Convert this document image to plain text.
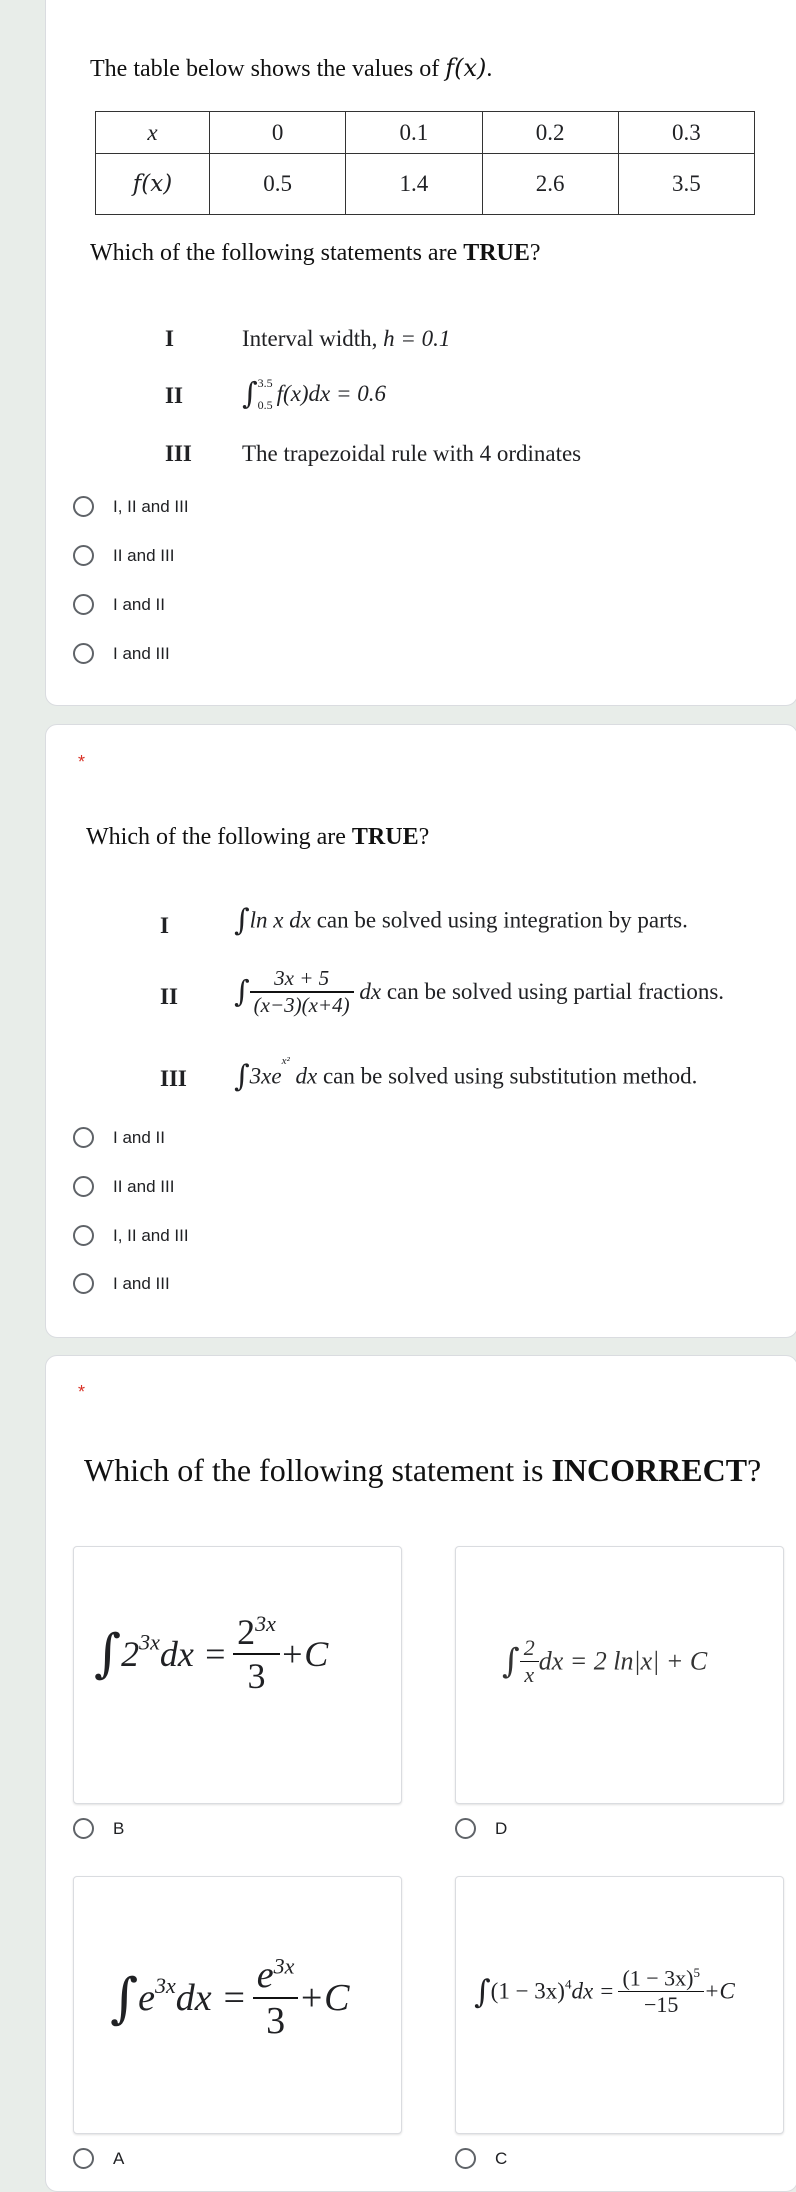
The table below shows the values of f(x).
x	0	0.1	0.2	0.3
f(x)	0.5	1.4	2.6	3.5
Which of the following statements are TRUE?
I	Interval width, h = 0.1
II ∫ 3.5
0.5 f(x)dx = 0.6
III The trapezoidal rule with 4 ordinates
I, II and III
II and III
I and II
I and III
*
Which of the following are TRUE?
I ∫ln x dx can be solved using integration by parts.
II ∫ $\frac{3x + 5}{(x-3)(x+4)}$ dx can be solved using partial fractions.
III $\int 3xe^{x^2}$ dx can be solved using substitution method.
I and II
II and III
I, II and III
I and III
*
Which of the following statement is INCORRECT?
$\int 2^{3x}dx = \frac{2^{3x}}{3} +C$	∫ $\frac{2}{x}$ dx = 2 ln|x| + C
B	D
$\int e^{3x}dx = \frac{e^{3x}}{3} +C$	$\int(1 - 3x)^4dx = \frac{(1 - 3x)^5}{-15} +C$
A	C
